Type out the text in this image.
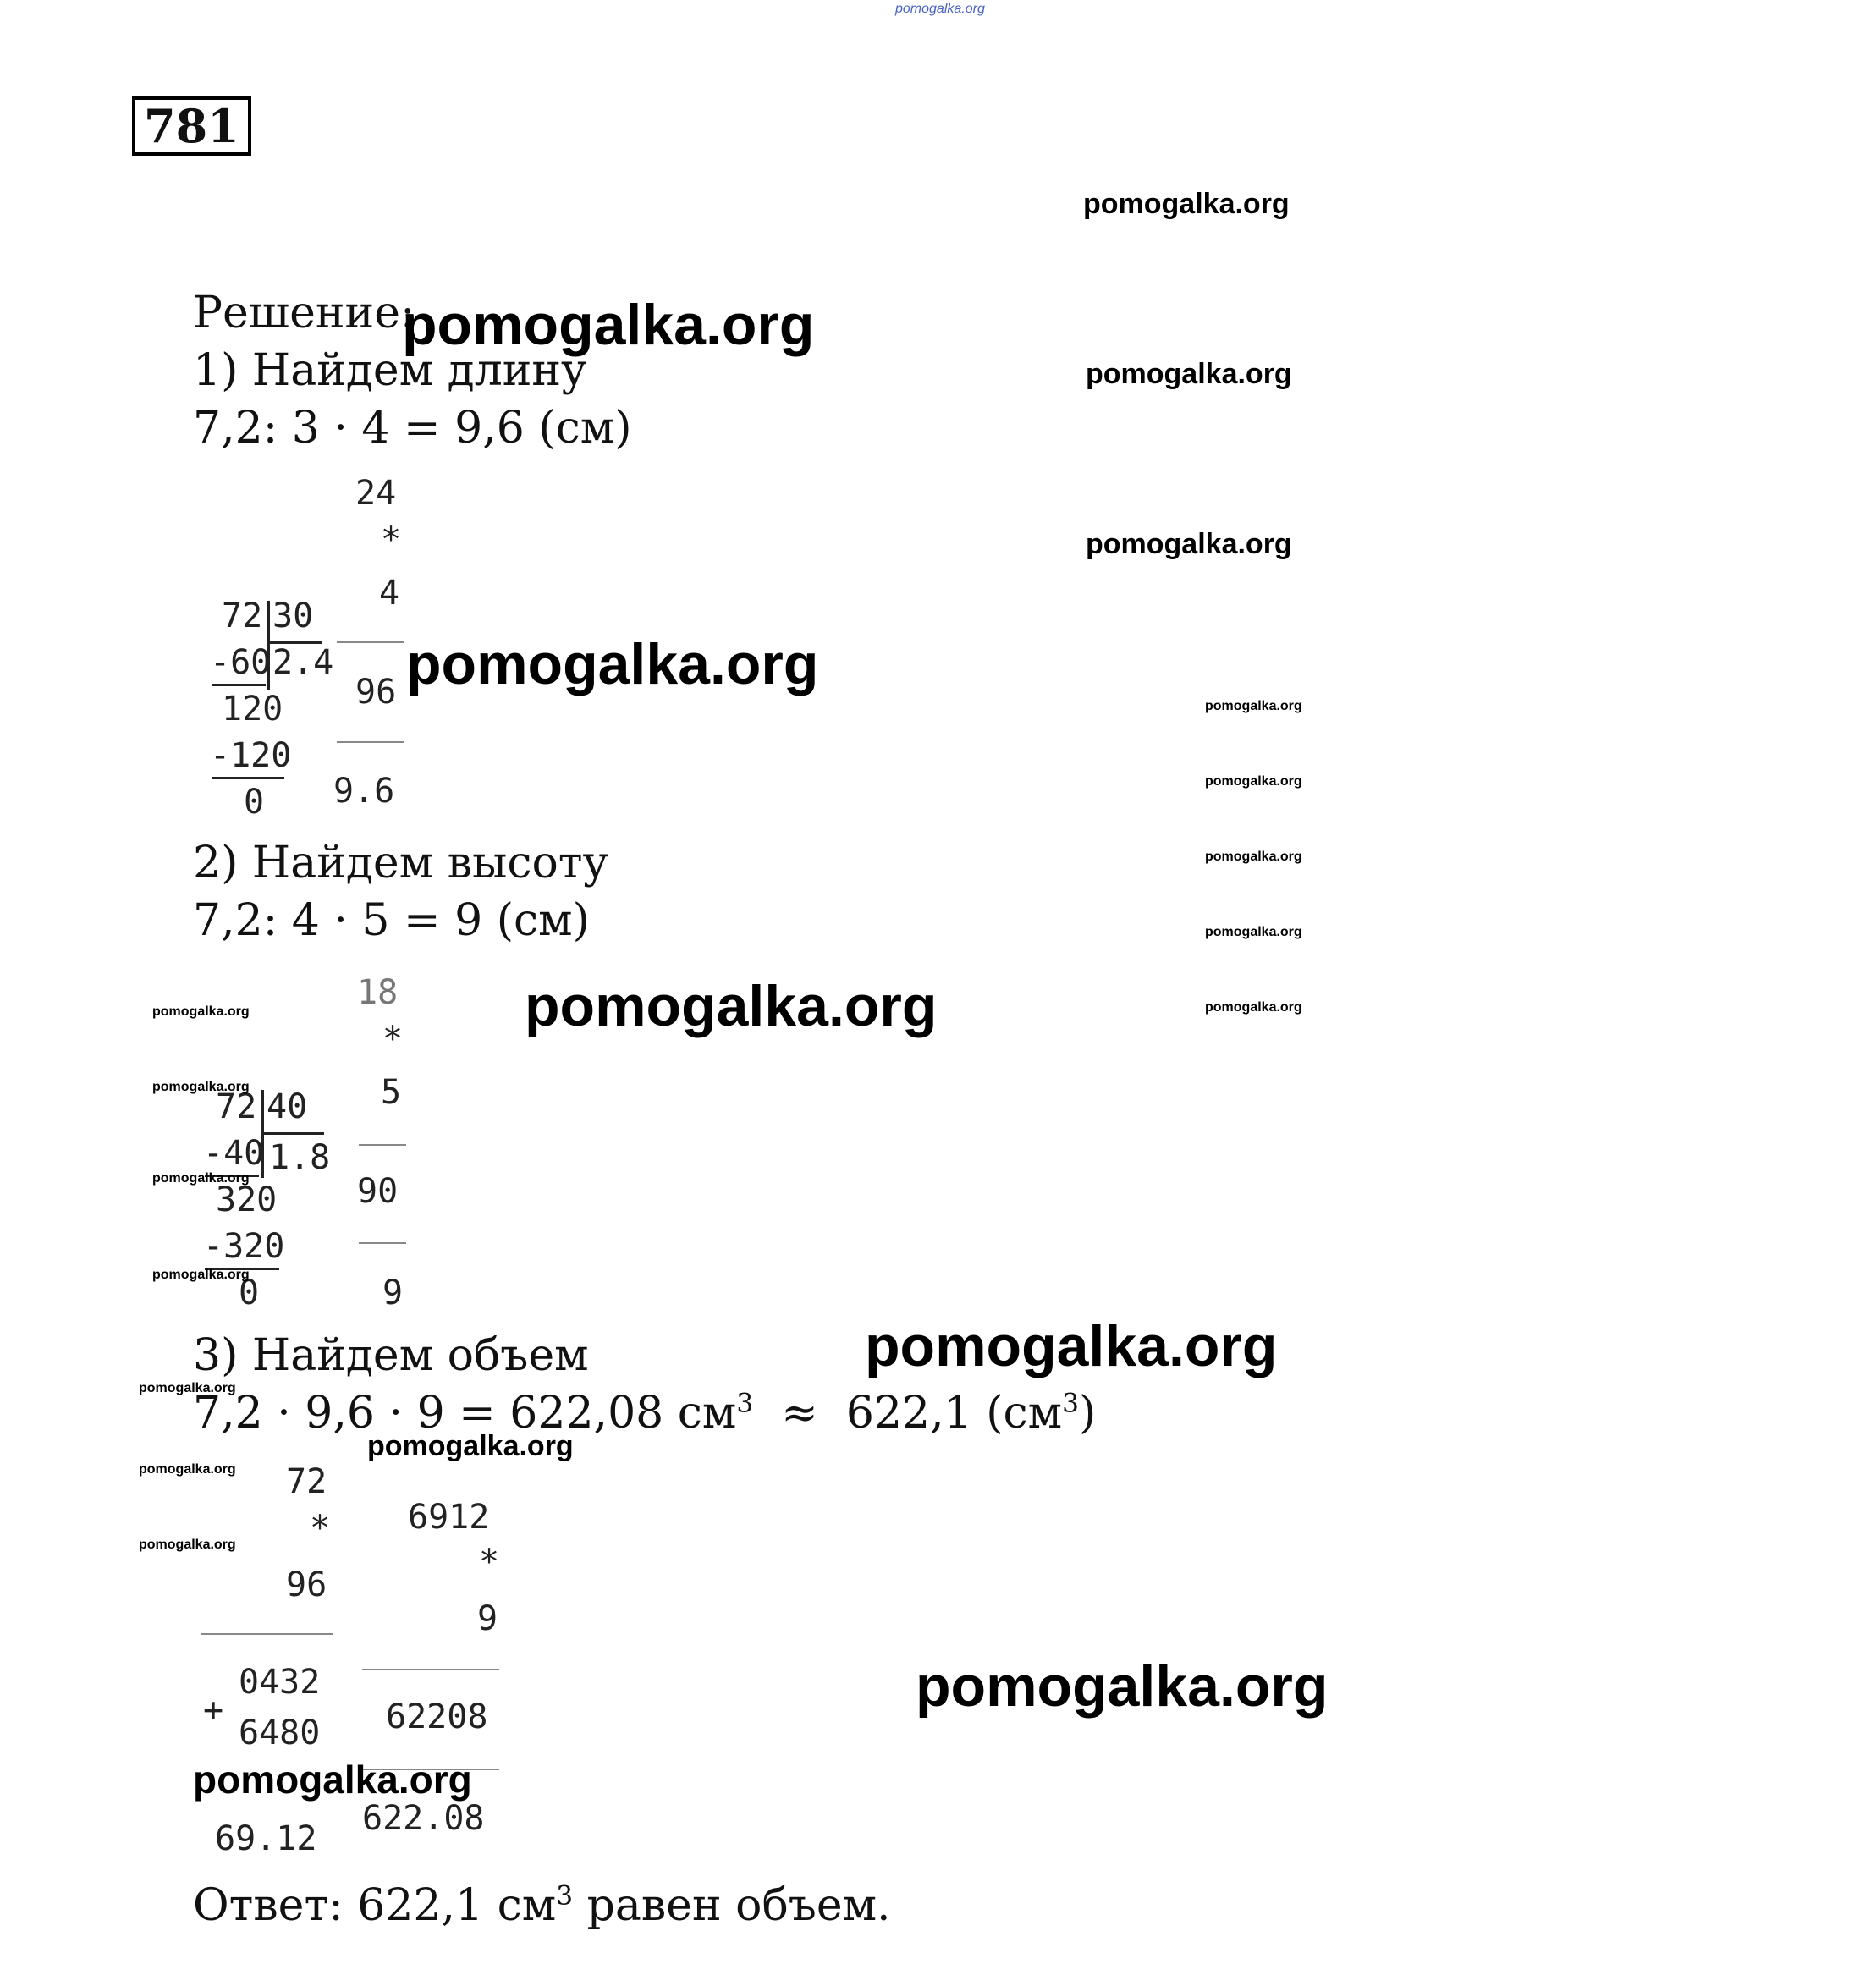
pomogalka.org
781
Решение:
1) Найдем длину
7,2: 3 · 4 = 9,6 (см)
72 30
-60 2.4
120
-120
0
24
*
4
96
9.6
2) Найдем высоту
7,2: 4 · 5 = 9 (см)
72 40
-40 1.8
320
-320
0
18
*
5
90
9
3) Найдем объем
7,2 · 9,6 · 9 = 622,08 $см^3 \approx 622,1$ $(см^3)$
72
*
96
0432
+
6480
69.12
6912
*
9
62208
622.08
Ответ: 622,1 $см^3$ равен объем.
pomogalka.org
pomogalka.org
pomogalka.org
pomogalka.org
pomogalka.org
pomogalka.org
pomogalka.org
pomogalka.org
pomogalka.org
pomogalka.org
pomogalka.org	pomogalka.org
pomogalka.org
pomogalka.org
pomogalka.org
pomogalka.org
pomogalka.org
pomogalka.org
pomogalka.org
pomogalka.org
pomogalka.org
pomogalka.org
